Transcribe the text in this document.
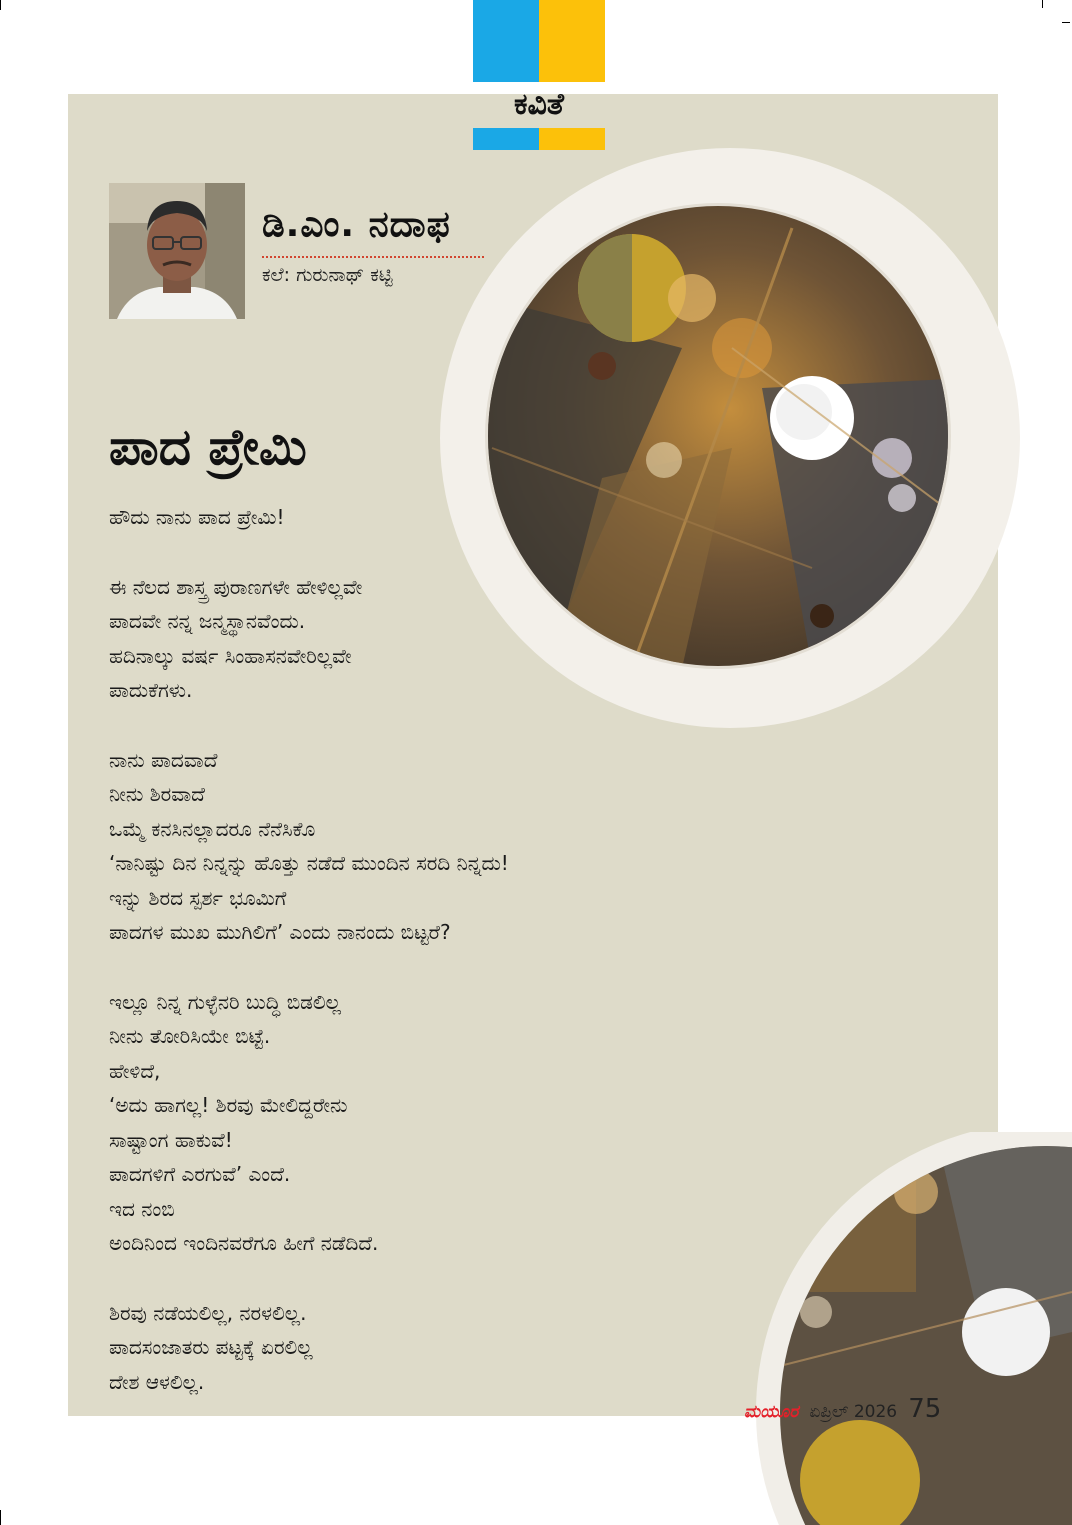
ಕವಿತೆ
ಡಿ.ಎಂ. ನದಾಫ
ಕಲೆ: ಗುರುನಾಥ್ ಕಟ್ಟಿ
ಪಾದ ಪ್ರೇಮಿ
ಹೌದು ನಾನು ಪಾದ ಪ್ರೇಮಿ!
ಈ ನೆಲದ ಶಾಸ್ತ್ರ ಪುರಾಣಗಳೇ ಹೇಳಿಲ್ಲವೇ
ಪಾದವೇ ನನ್ನ ಜನ್ಮಸ್ಥಾನವೆಂದು.
ಹದಿನಾಲ್ಕು ವರ್ಷ ಸಿಂಹಾಸನವೇರಿಲ್ಲವೇ
ಪಾದುಕೆಗಳು.
ನಾನು ಪಾದವಾದೆ
ನೀನು ಶಿರವಾದೆ
ಒಮ್ಮೆ ಕನಸಿನಲ್ಲಾದರೂ ನೆನೆಸಿಕೊ
‘ನಾನಿಷ್ಟು ದಿನ ನಿನ್ನನ್ನು ಹೊತ್ತು ನಡೆದೆ ಮುಂದಿನ ಸರದಿ ನಿನ್ನದು!
ಇನ್ನು ಶಿರದ ಸ್ಪರ್ಶ ಭೂಮಿಗೆ
ಪಾದಗಳ ಮುಖ ಮುಗಿಲಿಗೆ’ ಎಂದು ನಾನಂದು ಬಿಟ್ಟರೆ?
ಇಲ್ಲೂ ನಿನ್ನ ಗುಳ್ಳೆನರಿ ಬುದ್ಧಿ ಬಿಡಲಿಲ್ಲ
ನೀನು ತೋರಿಸಿಯೇ ಬಿಟ್ಟೆ.
ಹೇಳಿದೆ,
‘ಅದು ಹಾಗಲ್ಲ! ಶಿರವು ಮೇಲಿದ್ದರೇನು
ಸಾಷ್ಟಾಂಗ ಹಾಕುವೆ!
ಪಾದಗಳಿಗೆ ಎರಗುವೆ’ ಎಂದೆ.
ಇದ ನಂಬಿ
ಅಂದಿನಿಂದ ಇಂದಿನವರೆಗೂ ಹೀಗೆ ನಡೆದಿದೆ.
ಶಿರವು ನಡೆಯಲಿಲ್ಲ, ನರಳಲಿಲ್ಲ.
ಪಾದಸಂಜಾತರು ಪಟ್ಟಕ್ಕೆ ಏರಲಿಲ್ಲ
ದೇಶ ಆಳಲಿಲ್ಲ.
ಮಯೂರ ಏಪ್ರಿಲ್ 2026 75
